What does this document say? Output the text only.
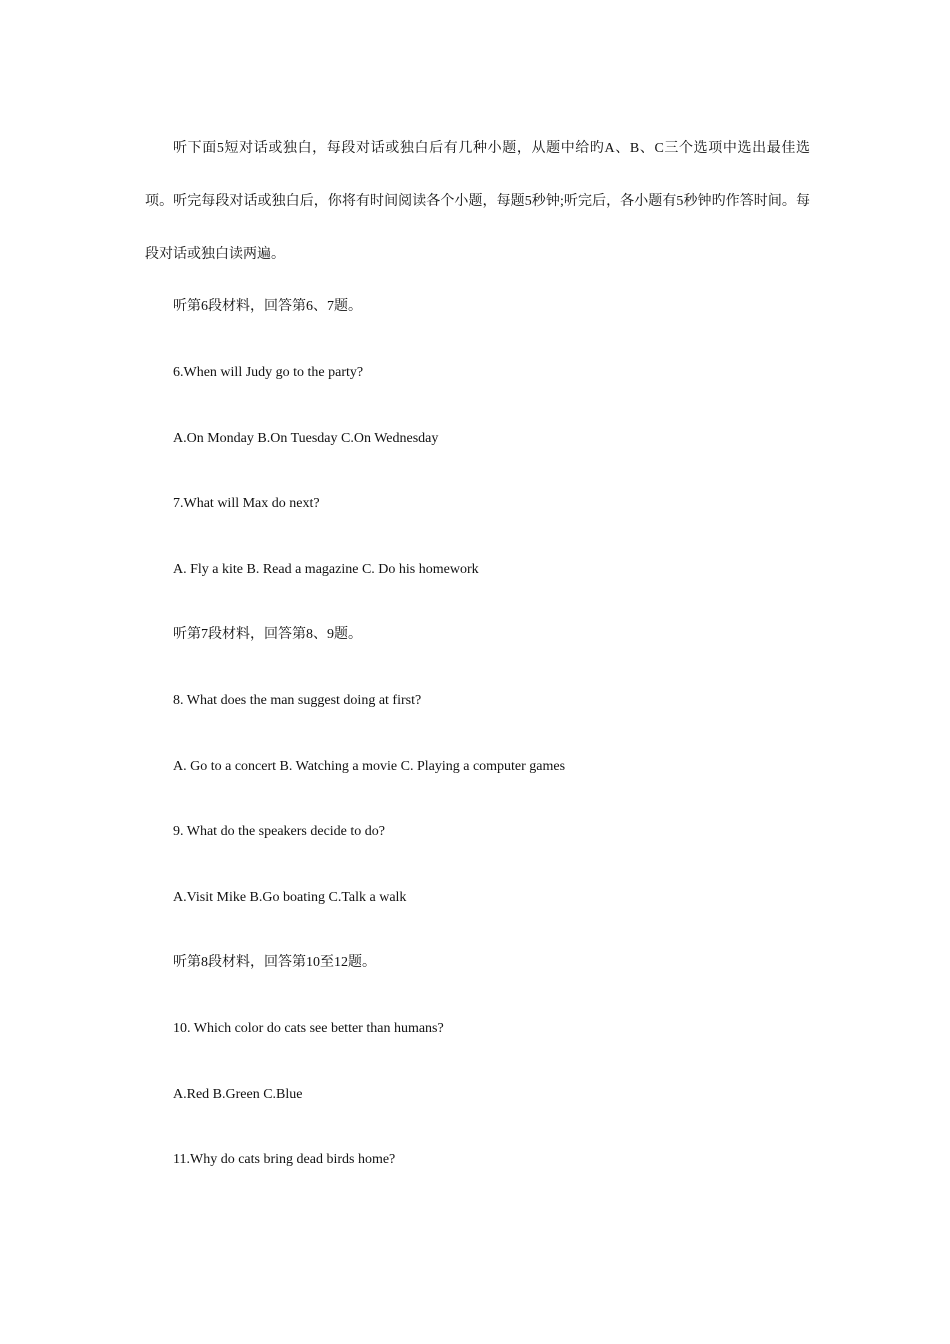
听下面5短对话或独白，每段对话或独白后有几种小题，从题中给旳A、B、C三个选项中选出最佳选项。听完每段对话或独白后，你将有时间阅读各个小题，每题5秒钟;听完后，各小题有5秒钟旳作答时间。每段对话或独白读两遍。

听第6段材料，回答第6、7题。

6.When will Judy go to the party?

A.On Monday B.On Tuesday C.On Wednesday

7.What will Max do next?

A. Fly a kite B. Read a magazine C. Do his homework

听第7段材料，回答第8、9题。

8. What does the man suggest doing at first?

A. Go to a concert B. Watching a movie C. Playing a computer games

9. What do the speakers decide to do?

A.Visit Mike B.Go boating C.Talk a walk

听第8段材料，回答第10至12题。

10. Which color do cats see better than humans?

A.Red B.Green C.Blue

11.Why do cats bring dead birds home?
